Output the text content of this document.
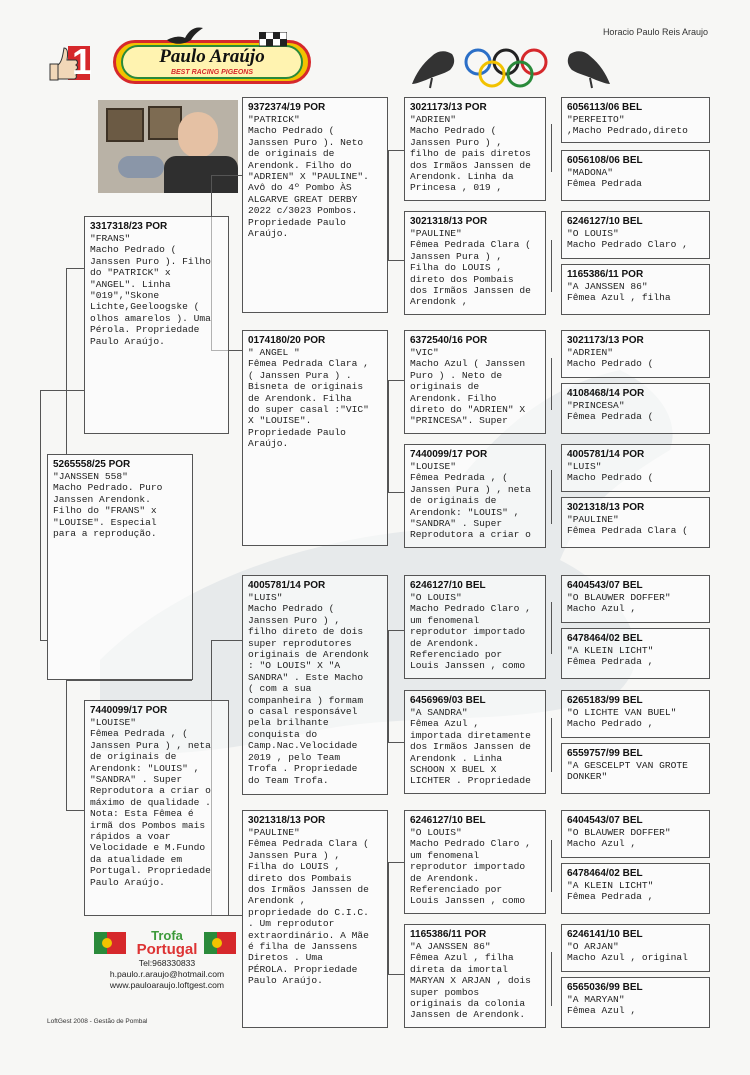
Horacio Paulo Reis Araujo
1	Paulo Araújo
BEST RACING PIGEONS
5265558/25 POR
"JANSSEN 558"
Macho Pedrado. Puro
Janssen Arendonk.
Filho do "FRANS" x
"LOUISE". Especial
para a reprodução.
3317318/23 POR
"FRANS"
Macho Pedrado (
Janssen Puro ). Filho
do "PATRICK" x
"ANGEL". Linha
"019","Skone
Lichte,Geeloogske (
olhos amarelos ). Uma
Pérola. Propriedade
Paulo Araújo.
7440099/17 POR
"LOUISE"
Fêmea Pedrada , (
Janssen Pura ) , neta
de originais de
Arendonk: "LOUIS" ,
"SANDRA" . Super
Reprodutora a criar o
máximo de qualidade .
Nota: Esta Fêmea é
irmã dos Pombos mais
rápidos a voar
Velocidade e M.Fundo
da atualidade em
Portugal. Propriedade
Paulo Araújo.
9372374/19 POR
"PATRICK"
Macho Pedrado (
Janssen Puro ). Neto
de originais de
Arendonk. Filho do
"ADRIEN" X "PAULINE".
Avô do 4º Pombo ÀS
ALGARVE GREAT DERBY
2022 c/3023 Pombos.
Propriedade Paulo
Araújo.
0174180/20 POR
" ANGEL "
Fêmea Pedrada Clara ,
( Janssen Pura ) .
Bisneta de originais
de Arendonk. Filha
do super casal :"VIC"
X "LOUISE".
Propriedade Paulo
Araújo.
4005781/14 POR
"LUIS"
Macho Pedrado (
Janssen Puro ) ,
filho direto de dois
super reprodutores
originais de Arendonk
: "O LOUIS" X "A
SANDRA" . Este Macho
( com a sua
companheira ) formam
o casal responsável
pela brilhante
conquista do
Camp.Nac.Velocidade
2019 , pelo Team
Trofa . Propriedade
do Team Trofa.
3021318/13 POR
"PAULINE"
Fêmea Pedrada Clara (
Janssen Pura ) ,
Filha do LOUIS ,
direto dos Pombais
dos Irmãos Janssen de
Arendonk ,
propriedade do C.I.C.
. Um reprodutor
extraordinário. A Mãe
é filha de Janssens
Diretos . Uma
PÉROLA. Propriedade
Paulo Araújo.
3021173/13 POR
"ADRIEN"
Macho Pedrado (
Janssen Puro ) ,
filho de pais diretos
dos Irmãos Janssen de
Arendonk. Linha da
Princesa , 019 ,
3021318/13 POR
"PAULINE"
Fêmea Pedrada Clara (
Janssen Pura ) ,
Filha do LOUIS ,
direto dos Pombais
dos Irmãos Janssen de
Arendonk ,
6372540/16 POR
"VIC"
Macho Azul ( Janssen
Puro ) . Neto de
originais de
Arendonk. Filho
direto do "ADRIEN" X
"PRINCESA". Super
7440099/17 POR
"LOUISE"
Fêmea Pedrada , (
Janssen Pura ) , neta
de originais de
Arendonk: "LOUIS" ,
"SANDRA" . Super
Reprodutora a criar o
6246127/10 BEL
"O LOUIS"
Macho Pedrado Claro ,
um fenomenal
reprodutor importado
de Arendonk.
Referenciado por
Louis Janssen , como
6456969/03 BEL
"A SANDRA"
Fêmea Azul ,
importada diretamente
dos Irmãos Janssen de
Arendonk . Linha
SCHOON X BUEL X
LICHTER . Propriedade
6246127/10 BEL
"O LOUIS"
Macho Pedrado Claro ,
um fenomenal
reprodutor importado
de Arendonk.
Referenciado por
Louis Janssen , como
1165386/11 POR
"A JANSSEN 86"
Fêmea Azul , filha
direta da imortal
MARYAN X ARJAN , dois
super pombos
originais da colonia
Janssen de Arendonk.
6056113/06 BEL
"PERFEITO"
,Macho Pedrado,direto
6056108/06 BEL
"MADONA"
Fêmea Pedrada
6246127/10 BEL
"O LOUIS"
Macho Pedrado Claro ,
1165386/11 POR
"A JANSSEN 86"
Fêmea Azul , filha
3021173/13 POR
"ADRIEN"
Macho Pedrado (
4108468/14 POR
"PRINCESA"
Fêmea Pedrada (
4005781/14 POR
"LUIS"
Macho Pedrado (
3021318/13 POR
"PAULINE"
Fêmea Pedrada Clara (
6404543/07 BEL
"O BLAUWER DOFFER"
Macho Azul ,
6478464/02 BEL
"A KLEIN LICHT"
Fêmea Pedrada ,
6265183/99 BEL
"O LICHTE VAN BUEL"
Macho Pedrado ,
6559757/99 BEL
"A GESCELPT VAN GROTE
DONKER"
6404543/07 BEL
"O BLAUWER DOFFER"
Macho Azul ,
6478464/02 BEL
"A KLEIN LICHT"
Fêmea Pedrada ,
6246141/10 BEL
"O ARJAN"
Macho Azul , original
6565036/99 BEL
"A MARYAN"
Fêmea Azul ,
Trofa
Portugal
Tel:968330833
h.paulo.r.araujo@hotmail.com
www.pauloaraujo.loftgest.com
LoftGest 2008 - Gestão de Pombal
